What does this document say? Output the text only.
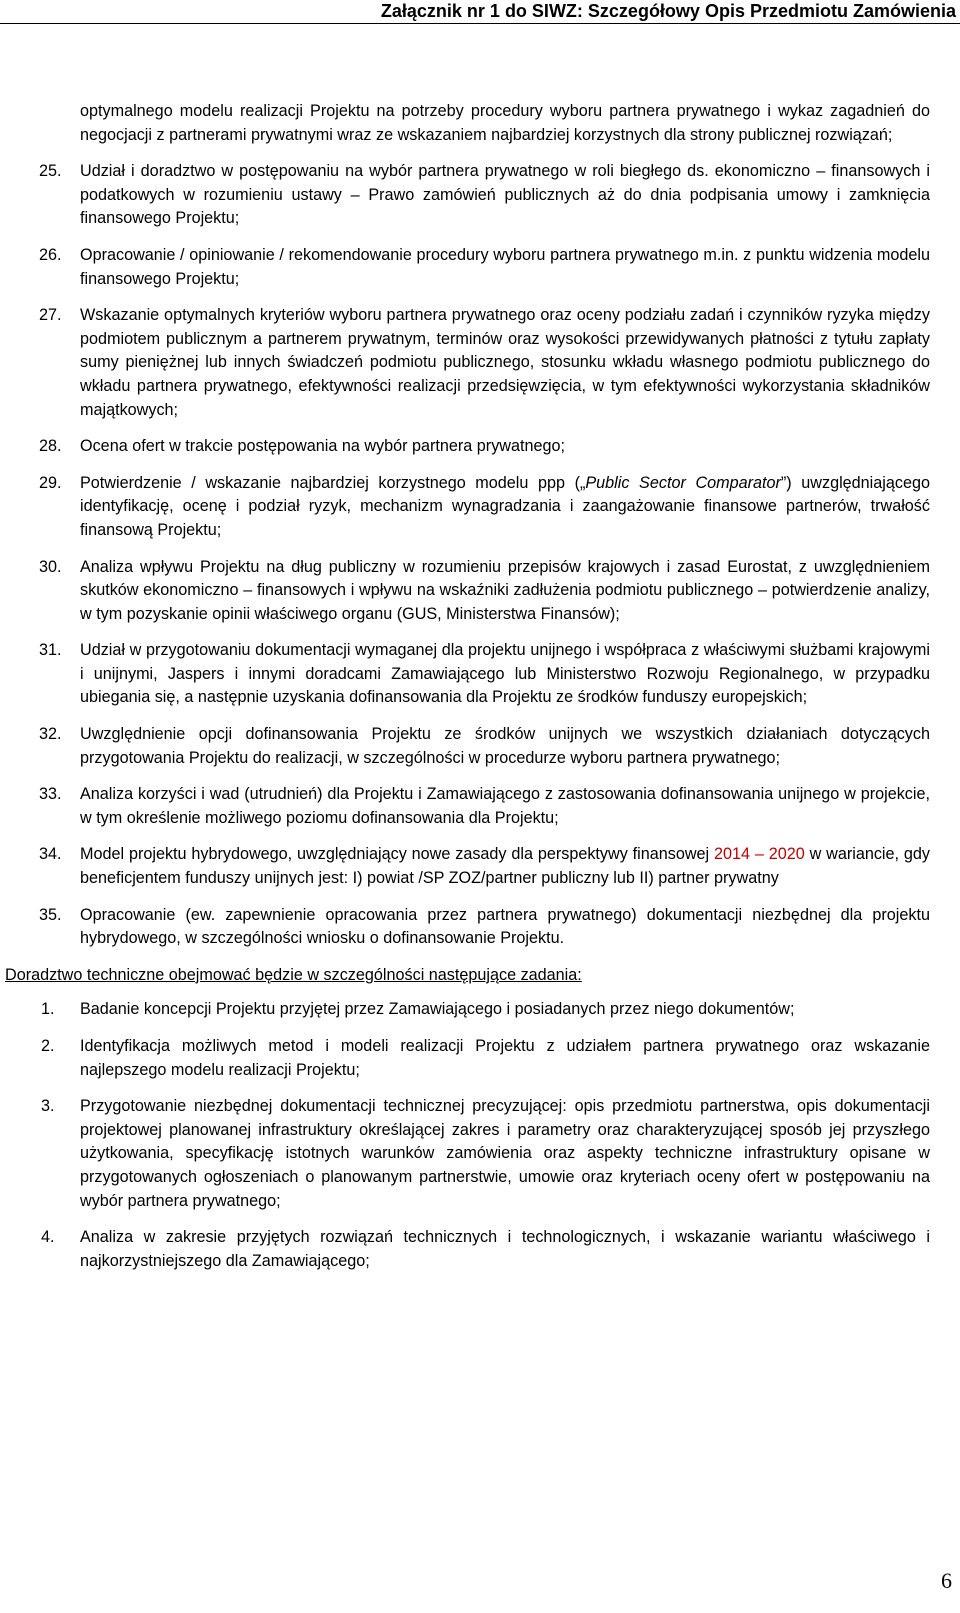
Załącznik nr 1 do SIWZ: Szczegółowy Opis Przedmiotu Zamówienia
optymalnego modelu realizacji Projektu na potrzeby procedury wyboru partnera prywatnego i wykaz zagadnień do negocjacji z partnerami prywatnymi wraz ze wskazaniem najbardziej korzystnych dla strony publicznej rozwiązań;
25. Udział i doradztwo w postępowaniu na wybór partnera prywatnego w roli biegłego ds. ekonomiczno – finansowych i podatkowych w rozumieniu ustawy – Prawo zamówień publicznych aż do dnia podpisania umowy i zamknięcia finansowego Projektu;
26. Opracowanie / opiniowanie / rekomendowanie procedury wyboru partnera prywatnego m.in. z punktu widzenia modelu finansowego Projektu;
27. Wskazanie optymalnych kryteriów wyboru partnera prywatnego oraz oceny podziału zadań i czynników ryzyka między podmiotem publicznym a partnerem prywatnym, terminów oraz wysokości przewidywanych płatności z tytułu zapłaty sumy pieniężnej lub innych świadczeń podmiotu publicznego, stosunku wkładu własnego podmiotu publicznego do wkładu partnera prywatnego, efektywności realizacji przedsięwzięcia, w tym efektywności wykorzystania składników majątkowych;
28. Ocena ofert w trakcie postępowania na wybór partnera prywatnego;
29. Potwierdzenie / wskazanie najbardziej korzystnego modelu ppp („Public Sector Comparator”) uwzględniającego identyfikację, ocenę i podział ryzyk, mechanizm wynagradzania i zaangażowanie finansowe partnerów, trwałość finansową Projektu;
30. Analiza wpływu Projektu na dług publiczny w rozumieniu przepisów krajowych i zasad Eurostat, z uwzględnieniem skutków ekonomiczno – finansowych i wpływu na wskaźniki zadłużenia podmiotu publicznego – potwierdzenie analizy, w tym pozyskanie opinii właściwego organu (GUS, Ministerstwa Finansów);
31. Udział w przygotowaniu dokumentacji wymaganej dla projektu unijnego i współpraca z właściwymi służbami krajowymi i unijnymi, Jaspers i innymi doradcami Zamawiającego lub Ministerstwo Rozwoju Regionalnego, w przypadku ubiegania się, a następnie uzyskania dofinansowania dla Projektu ze środków funduszy europejskich;
32. Uwzględnienie opcji dofinansowania Projektu ze środków unijnych we wszystkich działaniach dotyczących przygotowania Projektu do realizacji, w szczególności w procedurze wyboru partnera prywatnego;
33. Analiza korzyści i wad (utrudnień) dla Projektu i Zamawiającego z zastosowania dofinansowania unijnego w projekcie, w tym określenie możliwego poziomu dofinansowania dla Projektu;
34. Model projektu hybrydowego, uwzględniający nowe zasady dla perspektywy finansowej 2014 – 2020 w wariancie, gdy beneficjentem funduszy unijnych jest: I) powiat /SP ZOZ/partner publiczny lub II) partner prywatny
35. Opracowanie (ew. zapewnienie opracowania przez partnera prywatnego) dokumentacji niezbędnej dla projektu hybrydowego, w szczególności wniosku o dofinansowanie Projektu.
Doradztwo techniczne obejmować będzie w szczególności następujące zadania:
1. Badanie koncepcji Projektu przyjętej przez Zamawiającego i posiadanych przez niego dokumentów;
2. Identyfikacja możliwych metod i modeli realizacji Projektu z udziałem partnera prywatnego oraz wskazanie najlepszego modelu realizacji Projektu;
3. Przygotowanie niezbędnej dokumentacji technicznej precyzującej: opis przedmiotu partnerstwa, opis dokumentacji projektowej planowanej infrastruktury określającej zakres i parametry oraz charakteryzującej sposób jej przyszłego użytkowania, specyfikację istotnych warunków zamówienia oraz aspekty techniczne infrastruktury opisane w przygotowanych ogłoszeniach o planowanym partnerstwie, umowie oraz kryteriach oceny ofert w postępowaniu na wybór partnera prywatnego;
4. Analiza w zakresie przyjętych rozwiązań technicznych i technologicznych, i wskazanie wariantu właściwego i najkorzystniejszego dla Zamawiającego;
6
